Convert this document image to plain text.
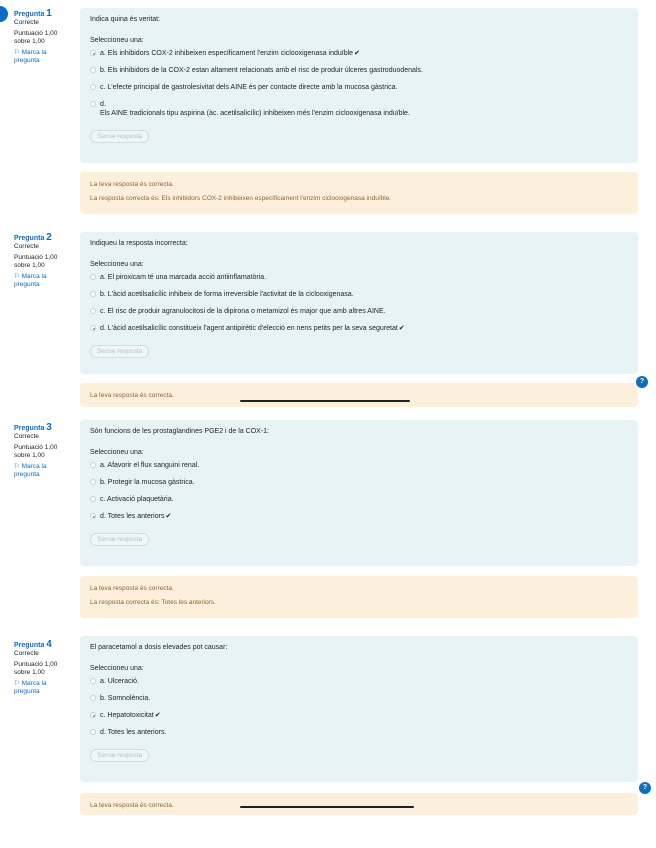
Pregunta 1
Correcte
Puntuació 1,00 sobre 1,00
⚐ Marca la pregunta

Indica quina és veritat:

Seleccioneu una:

a. Els inhibidors COX-2 inhibeixen específicament l'enzim ciclooxigenasa induïble✔
b. Els inhibidors de la COX-2 estan altament relacionats amb el risc de produir úlceres gastroduodenals.
c. L'efecte principal de gastrolesivitat dels AINE és per contacte directe amb la mucosa gàstrica.
d.
Els AINE tradicionals tipu aspirina (àc. acetilsalicílic) inhibeixen més l'enzim ciclooxigenasa induïble.
Sense resposta

La teva resposta és correcta.

La resposta correcta és: Els inhibidors COX-2 inhibeixen específicament l'enzim ciclooxigenasa induïble.

Pregunta 2
Correcte
Puntuació 1,00 sobre 1,00
⚐ Marca la pregunta

Indiqueu la resposta incorrecta:

Seleccioneu una:

a. El piroxicam té una marcada acció antiinflamatòria.
b. L'àcid acetilsalicílic inhibeix de forma irreversible l'activitat de la ciclooxigenasa.
c. El risc de produir agranulocitosi de la dipirona o metamizol és major que amb altres AINE.
d. L'àcid acetilsalicílic constitueix l'agent antipirètic d'elecció en nens petits per la seva seguretat✔
Sense resposta

La teva resposta és correcta.

?
Pregunta 3
Correcte
Puntuació 1,00 sobre 1,00
⚐ Marca la pregunta

Són funcions de les prostaglandines PGE2 i de la COX-1:

Seleccioneu una:

a. Afavorir el flux sanguini renal.
b. Protegir la mucosa gàstrica.
c. Activació plaquetària.
d. Totes les anteriors✔
Sense resposta

La teva resposta és correcta.

La resposta correcta és: Totes les anteriors.

Pregunta 4
Correcte
Puntuació 1,00 sobre 1,00
⚐ Marca la pregunta

El paracetamol a dosis elevades pot causar:

Seleccioneu una:

a. Ulceració.
b. Somnolència.
c. Hepatotoxicitat✔
d. Totes les anteriors.
Sense resposta

La teva resposta és correcta.

?
